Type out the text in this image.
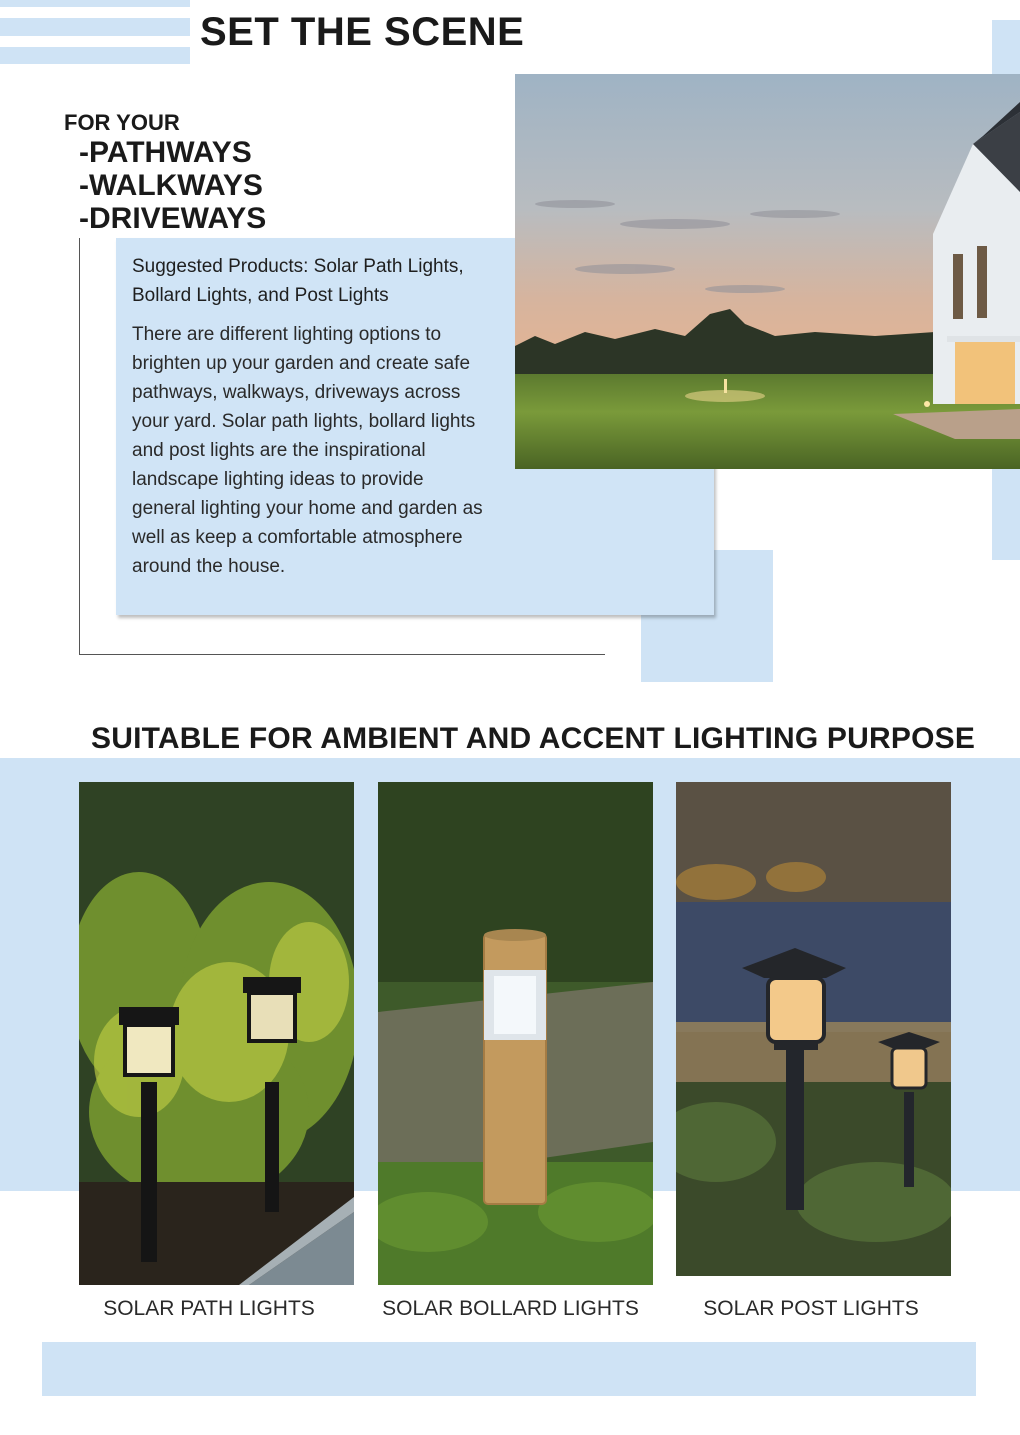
SET THE SCENE
FOR YOUR
-PATHWAYS
-WALKWAYS
-DRIVEWAYS
Suggested Products: Solar Path Lights,
Bollard Lights, and Post Lights
There are different lighting options to
brighten up your garden and create safe
pathways, walkways, driveways across
your yard. Solar path lights, bollard lights
and post lights are the inspirational
landscape lighting ideas to provide
general lighting your home and garden as
well as keep a comfortable atmosphere
around the house.
SUITABLE FOR AMBIENT AND ACCENT LIGHTING PURPOSE
SOLAR PATH LIGHTS	SOLAR BOLLARD LIGHTS	SOLAR POST LIGHTS
